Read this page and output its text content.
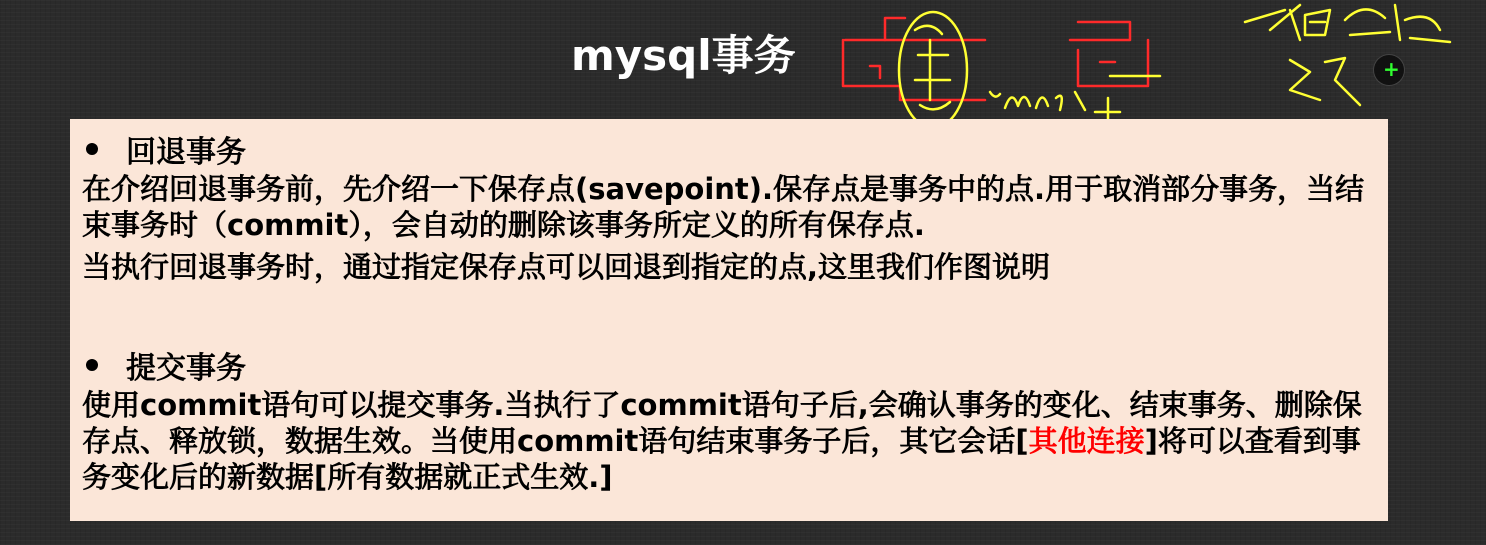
mysql事务	+
回退事务

在介绍回退事务前，先介绍一下保存点(savepoint).保存点是事务中的点.用于取消部分事务，当结束事务时（commit），会自动的删除该事务所定义的所有保存点.

当执行回退事务时，通过指定保存点可以回退到指定的点,这里我们作图说明

提交事务

使用commit语句可以提交事务.当执行了commit语句子后,会确认事务的变化、结束事务、删除保存点、释放锁，数据生效。当使用commit语句结束事务子后，其它会话[其他连接]将可以查看到事务变化后的新数据[所有数据就正式生效.]
